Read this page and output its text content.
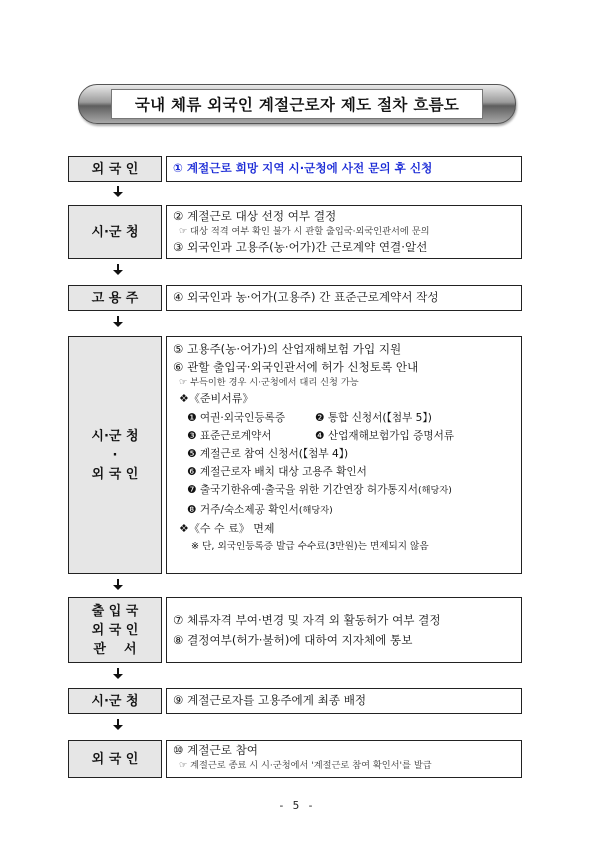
국내 체류 외국인 계절근로자 제도 절차 흐름도
외 국 인	① 계절근로 희망 지역 시·군청에 사전 문의 후 신청
시·군 청
② 계절근로 대상 선정 여부 결정
☞ 대상 적격 여부 확인 불가 시 관할 출입국·외국인관서에 문의
③ 외국인과 고용주(농·어가)간 근로계약 연결·알선
고 용 주	④ 외국인과 농·어가(고용주) 간 표준근로계약서 작성
시·군 청
·
외 국 인
⑤ 고용주(농·어가)의 산업재해보험 가입 지원
⑥ 관할 출입국·외국인관서에 허가 신청토록 안내
☞ 부득이한 경우 시·군청에서 대리 신청 가능
❖《준비서류》
❶ 여권·외국인등록증	❷ 통합 신청서(【첨부 5】)
❸ 표준근로계약서	❹ 산업재해보험가입 증명서류
❺ 계절근로 참여 신청서(【첨부 4】)
❻ 계절근로자 배치 대상 고용주 확인서
❼ 출국기한유예·출국을 위한 기간연장 허가통지서(해당자)
❽ 거주/숙소제공 확인서(해당자)
❖《수 수 료》 면제
※ 단, 외국인등록증 발급 수수료(3만원)는 면제되지 않음
출 입 국
외 국 인
관    서
⑦ 체류자격 부여·변경 및 자격 외 활동허가 여부 결정
⑧ 결정여부(허가·불허)에 대하여 지자체에 통보
시·군 청	⑨ 계절근로자를 고용주에게 최종 배정
외 국 인
⑩ 계절근로 참여
☞ 계절근로 종료 시 시·군청에서 '계절근로 참여 확인서'를 발급
- 5 -
